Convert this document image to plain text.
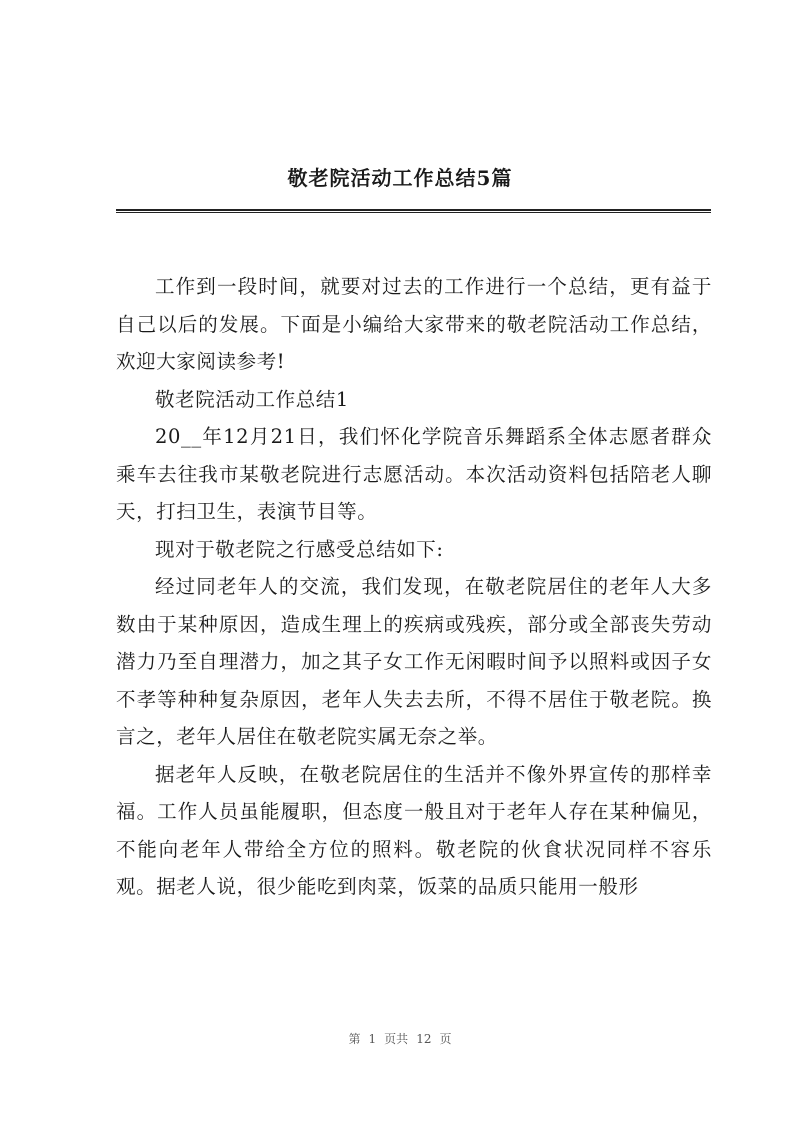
敬老院活动工作总结5篇

工作到一段时间，就要对过去的工作进行一个总结，更有益于自己以后的发展。下面是小编给大家带来的敬老院活动工作总结，欢迎大家阅读参考!

敬老院活动工作总结1

20__年12月21日，我们怀化学院音乐舞蹈系全体志愿者群众乘车去往我市某敬老院进行志愿活动。本次活动资料包括陪老人聊天，打扫卫生，表演节目等。

现对于敬老院之行感受总结如下:

经过同老年人的交流，我们发现，在敬老院居住的老年人大多数由于某种原因，造成生理上的疾病或残疾，部分或全部丧失劳动潜力乃至自理潜力，加之其子女工作无闲暇时间予以照料或因子女不孝等种种复杂原因，老年人失去去所，不得不居住于敬老院。换言之，老年人居住在敬老院实属无奈之举。

据老年人反映，在敬老院居住的生活并不像外界宣传的那样幸福。工作人员虽能履职，但态度一般且对于老年人存在某种偏见，不能向老年人带给全方位的照料。敬老院的伙食状况同样不容乐观。据老人说，很少能吃到肉菜，饭菜的品质只能用一般形

第 1 页共 12 页
